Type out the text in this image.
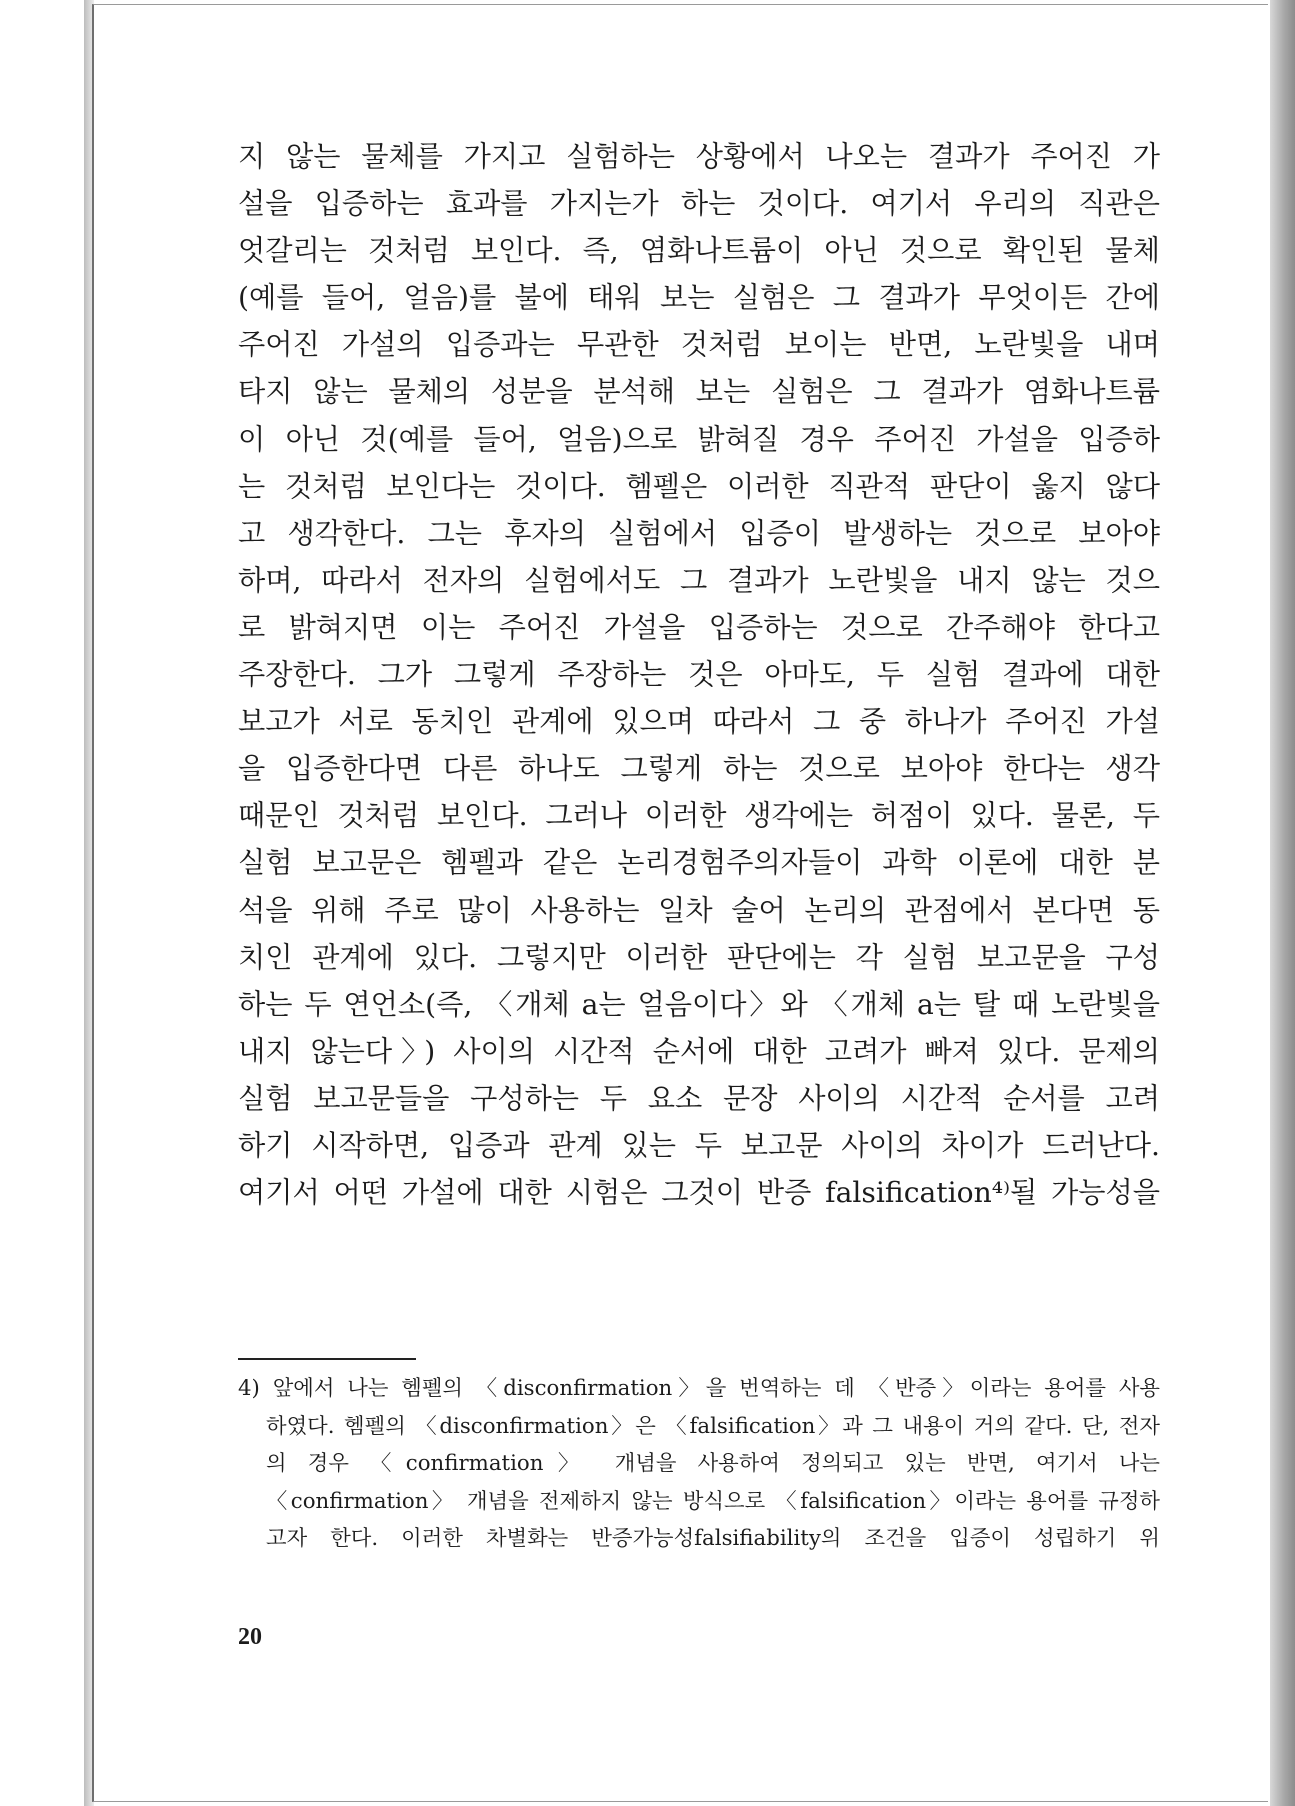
지 않는 물체를 가지고 실험하는 상황에서 나오는 결과가 주어진 가
설을 입증하는 효과를 가지는가 하는 것이다. 여기서 우리의 직관은
엇갈리는 것처럼 보인다. 즉, 염화나트륨이 아닌 것으로 확인된 물체
(예를 들어, 얼음)를 불에 태워 보는 실험은 그 결과가 무엇이든 간에
주어진 가설의 입증과는 무관한 것처럼 보이는 반면, 노란빛을 내며
타지 않는 물체의 성분을 분석해 보는 실험은 그 결과가 염화나트륨
이 아닌 것(예를 들어, 얼음)으로 밝혀질 경우 주어진 가설을 입증하
는 것처럼 보인다는 것이다. 헴펠은 이러한 직관적 판단이 옳지 않다
고 생각한다. 그는 후자의 실험에서 입증이 발생하는 것으로 보아야
하며, 따라서 전자의 실험에서도 그 결과가 노란빛을 내지 않는 것으
로 밝혀지면 이는 주어진 가설을 입증하는 것으로 간주해야 한다고
주장한다. 그가 그렇게 주장하는 것은 아마도, 두 실험 결과에 대한
보고가 서로 동치인 관계에 있으며 따라서 그 중 하나가 주어진 가설
을 입증한다면 다른 하나도 그렇게 하는 것으로 보아야 한다는 생각
때문인 것처럼 보인다. 그러나 이러한 생각에는 허점이 있다. 물론, 두
실험 보고문은 헴펠과 같은 논리경험주의자들이 과학 이론에 대한 분
석을 위해 주로 많이 사용하는 일차 술어 논리의 관점에서 본다면 동
치인 관계에 있다. 그렇지만 이러한 판단에는 각 실험 보고문을 구성
하는 두 연언소(즉, 〈개체 a는 얼음이다〉와 〈개체 a는 탈 때 노란빛을
내지 않는다〉) 사이의 시간적 순서에 대한 고려가 빠져 있다. 문제의
실험 보고문들을 구성하는 두 요소 문장 사이의 시간적 순서를 고려
하기 시작하면, 입증과 관계 있는 두 보고문 사이의 차이가 드러난다.
여기서 어떤 가설에 대한 시험은 그것이 반증 falsification⁴⁾될 가능성을
4) 앞에서 나는 헴펠의 〈disconfirmation〉을 번역하는 데 〈반증〉이라는 용어를 사용
하였다. 헴펠의 〈disconfirmation〉은 〈falsification〉과 그 내용이 거의 같다. 단, 전자
의 경우 〈confirmation〉 개념을 사용하여 정의되고 있는 반면, 여기서 나는
〈confirmation〉 개념을 전제하지 않는 방식으로 〈falsification〉이라는 용어를 규정하
고자 한다. 이러한 차별화는 반증가능성falsifiability의 조건을 입증이 성립하기 위
20
